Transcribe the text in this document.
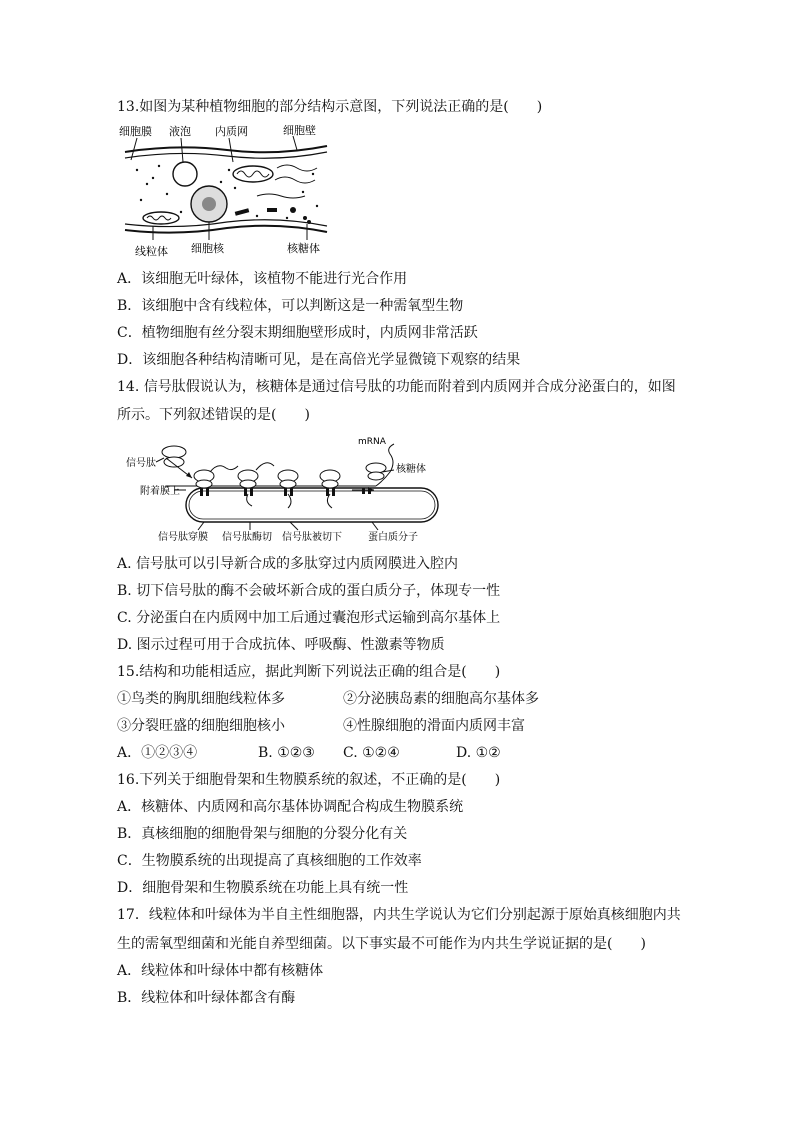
13.如图为某种植物细胞的部分结构示意图，下列说法正确的是(　　)
细胞膜 液泡 内质网	细胞壁
线粒体 细胞核	核糖体
A．该细胞无叶绿体，该植物不能进行光合作用
B．该细胞中含有线粒体，可以判断这是一种需氧型生物
C．植物细胞有丝分裂末期细胞壁形成时，内质网非常活跃
D．该细胞各种结构清晰可见，是在高倍光学显微镜下观察的结果
14. 信号肽假说认为，核糖体是通过信号肽的功能而附着到内质网并合成分泌蛋白的，如图
所示。下列叙述错误的是(　　)
mRNA
信号肽
附着膜上
核糖体
信号肽穿膜 信号肽酶切 信号肽被切下	蛋白质分子
A. 信号肽可以引导新合成的多肽穿过内质网膜进入腔内
B. 切下信号肽的酶不会破坏新合成的蛋白质分子，体现专一性
C. 分泌蛋白在内质网中加工后通过囊泡形式运输到高尔基体上
D. 图示过程可用于合成抗体、呼吸酶、性激素等物质
15.结构和功能相适应，据此判断下列说法正确的组合是(　　)
①鸟类的胸肌细胞线粒体多	②分泌胰岛素的细胞高尔基体多
③分裂旺盛的细胞细胞核小	④性腺细胞的滑面内质网丰富
A．①②③④	B. ①②③ C. ①②④	D. ①②
16.下列关于细胞骨架和生物膜系统的叙述，不正确的是(　　)
A．核糖体、内质网和高尔基体协调配合构成生物膜系统
B．真核细胞的细胞骨架与细胞的分裂分化有关
C．生物膜系统的出现提高了真核细胞的工作效率
D．细胞骨架和生物膜系统在功能上具有统一性
17．线粒体和叶绿体为半自主性细胞器，内共生学说认为它们分别起源于原始真核细胞内共
生的需氧型细菌和光能自养型细菌。以下事实最不可能作为内共生学说证据的是(　　)
A．线粒体和叶绿体中都有核糖体
B．线粒体和叶绿体都含有酶
